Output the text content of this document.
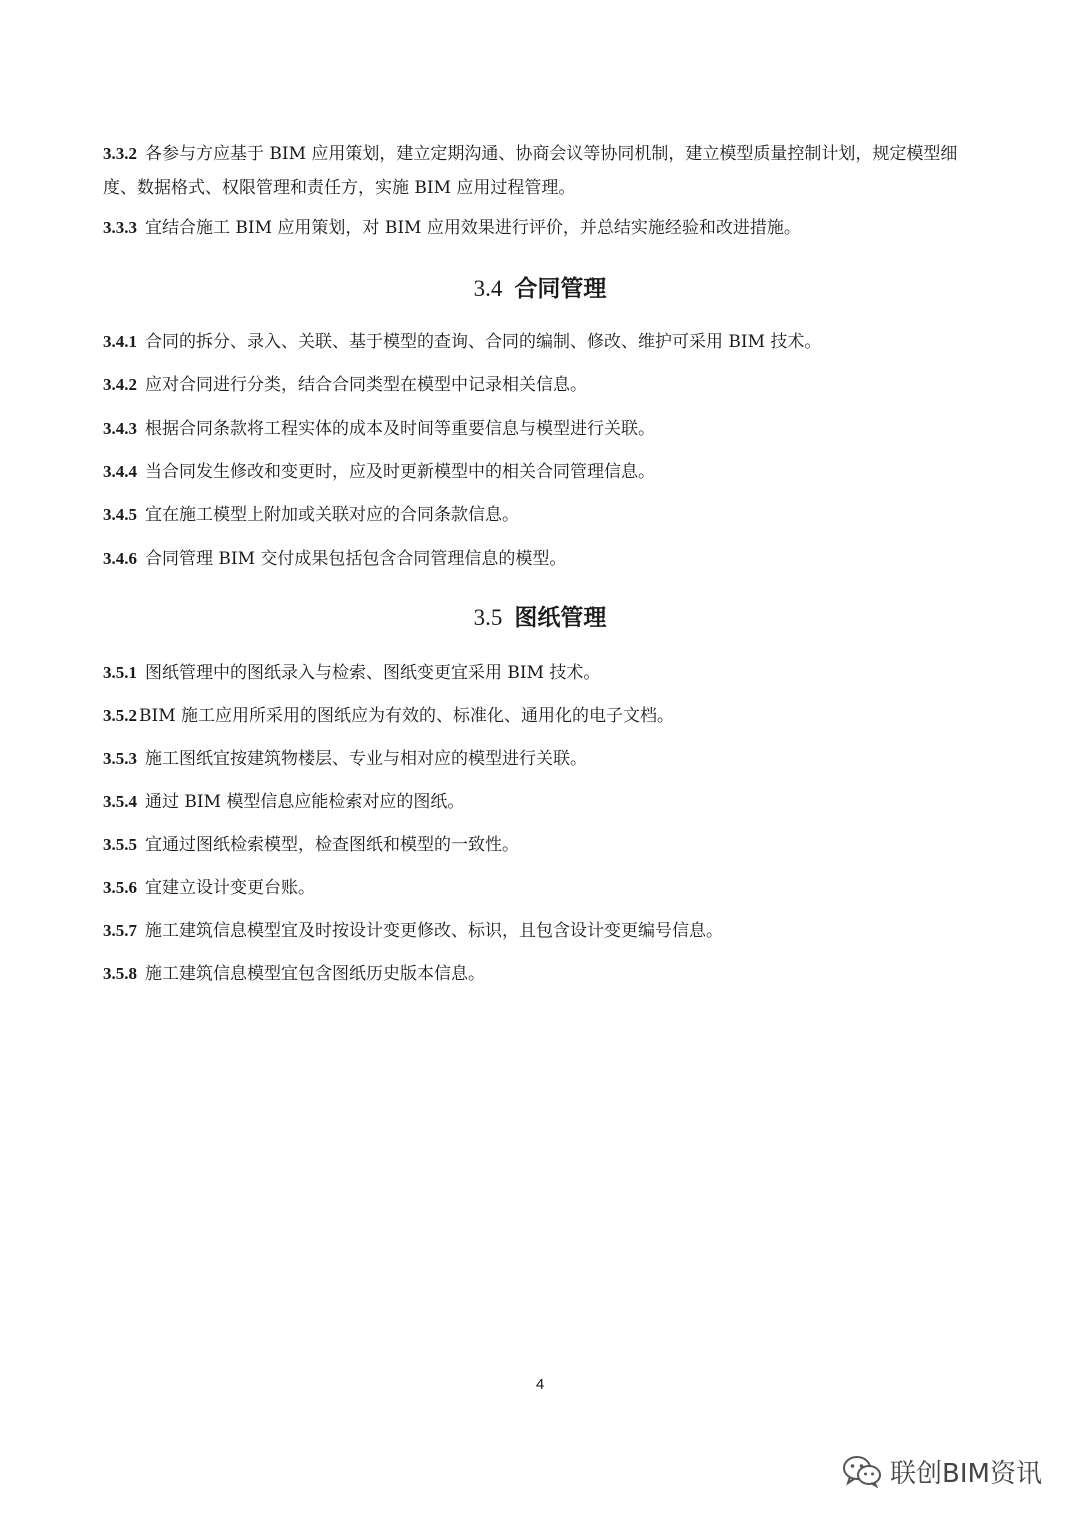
3.3.2 各参与方应基于 BIM 应用策划，建立定期沟通、协商会议等协同机制，建立模型质量控制计划，规定模型细度、数据格式、权限管理和责任方，实施 BIM 应用过程管理。

3.3.3 宜结合施工 BIM 应用策划，对 BIM 应用效果进行评价，并总结实施经验和改进措施。

3.4 合同管理

3.4.1 合同的拆分、录入、关联、基于模型的查询、合同的编制、修改、维护可采用 BIM 技术。

3.4.2 应对合同进行分类，结合合同类型在模型中记录相关信息。

3.4.3 根据合同条款将工程实体的成本及时间等重要信息与模型进行关联。

3.4.4 当合同发生修改和变更时，应及时更新模型中的相关合同管理信息。

3.4.5 宜在施工模型上附加或关联对应的合同条款信息。

3.4.6 合同管理 BIM 交付成果包括包含合同管理信息的模型。

3.5 图纸管理

3.5.1 图纸管理中的图纸录入与检索、图纸变更宜采用 BIM 技术。

3.5.2 BIM 施工应用所采用的图纸应为有效的、标准化、通用化的电子文档。

3.5.3 施工图纸宜按建筑物楼层、专业与相对应的模型进行关联。

3.5.4 通过 BIM 模型信息应能检索对应的图纸。

3.5.5 宜通过图纸检索模型，检查图纸和模型的一致性。

3.5.6 宜建立设计变更台账。

3.5.7 施工建筑信息模型宜及时按设计变更修改、标识，且包含设计变更编号信息。

3.5.8 施工建筑信息模型宜包含图纸历史版本信息。

4
联创BIM资讯
